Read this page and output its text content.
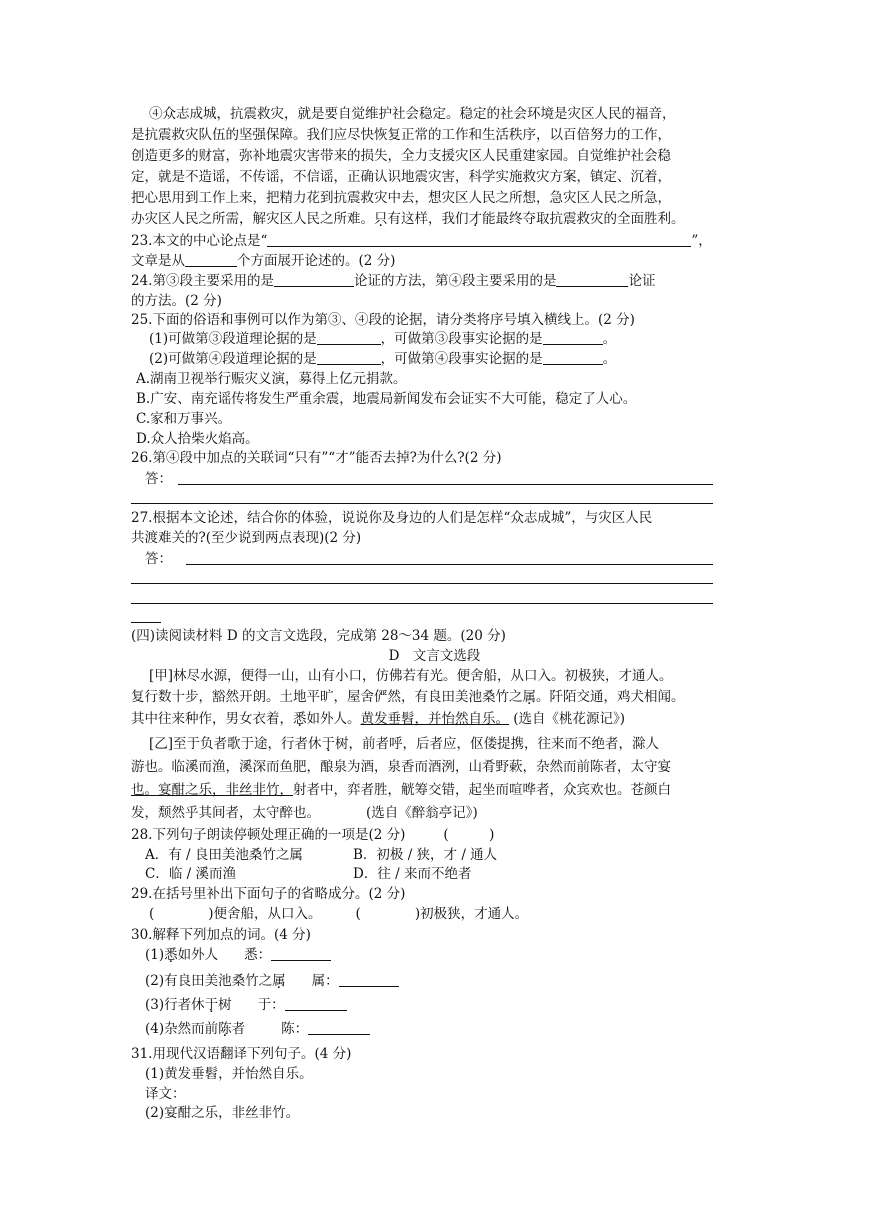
④众志成城，抗震救灾，就是要自觉维护社会稳定。稳定的社会环境是灾区人民的福音，
是抗震救灾队伍的坚强保障。我们应尽快恢复正常的工作和生活秩序，以百倍努力的工作，
创造更多的财富，弥补地震灾害带来的损失，全力支援灾区人民重建家园。自觉维护社会稳
定，就是不造谣，不传谣，不信谣，正确认识地震灾害，科学实施救灾方案，镇定、沉着，
把心思用到工作上来，把精力花到抗震救灾中去，想灾区人民之所想，急灾区人民之所急，
办灾区人民之所需，解灾区人民之所难。只有这样，我们才能最终夺取抗震救灾的全面胜利。
23.本文的中心论点是“	”，
文章是从	个方面展开论述的。(2 分)
24.第③段主要采用的是	论证的方法，第④段主要采用的是	论证
的方法。(2 分)
25.下面的俗语和事例可以作为第③、④段的论据，请分类将序号填入横线上。(2 分)
(1)可做第③段道理论据的是	，可做第③段事实论据的是	。
(2)可做第④段道理论据的是	，可做第④段事实论据的是	。
A.湖南卫视举行赈灾义演，募得上亿元捐款。
B.广安、南充谣传将发生严重余震，地震局新闻发布会证实不大可能，稳定了人心。
C.家和万事兴。
D.众人拾柴火焰高。
26.第④段中加点的关联词“只有”“才”能否去掉?为什么?(2 分)
答：
27.根据本文论述，结合你的体验，说说你及身边的人们是怎样“众志成城”，与灾区人民
共渡难关的?(至少说到两点表现)(2 分)
答：
(四)读阅读材料 D 的文言文选段，完成第 28～34 题。(20 分)
D　文言文选段
[甲]林尽水源，便得一山，山有小口，仿佛若有光。便舍船，从口入。初极狭，才通人。
复行数十步，豁然开朗。土地平旷，屋舍俨然，有良田美池桑竹之属。阡陌交通，鸡犬相闻。
其中往来种作，男女衣着，悉如外人。黄发垂髫，并怡然自乐。 (选自《桃花源记》)
[乙]至于负者歌于途，行者休于树，前者呼，后者应，伛偻提携，往来而不绝者，滁人
游也。临溪而渔，溪深而鱼肥，酿泉为酒，泉香而酒洌，山肴野蔌，杂然而前陈者，太守宴
也。宴酣之乐，非丝非竹，射者中，弈者胜，觥筹交错，起坐而喧哗者，众宾欢也。苍颜白
发，颓然乎其间者，太守醉也。	(选自《醉翁亭记》)
28.下列句子朗读停顿处理正确的一项是(2 分)	(　　　)
A．有 / 良田美池桑竹之属	B．初极 / 狭，才 / 通人
C．临 / 溪而渔	D．往 / 来而不绝者
29.在括号里补出下面句子的省略成分。(2 分)
(　　　　)便舍船，从口入。	(　　　　)初极狭，才通人。
30.解释下列加点的词。(4 分)
(1)悉如外人 悉：
(2)有良田美池桑竹之属 属：
(3)行者休于树 于：
(4)杂然而前陈者	陈：
31.用现代汉语翻译下列句子。(4 分)
(1)黄发垂髫，并怡然自乐。
译文：
(2)宴酣之乐，非丝非竹。
